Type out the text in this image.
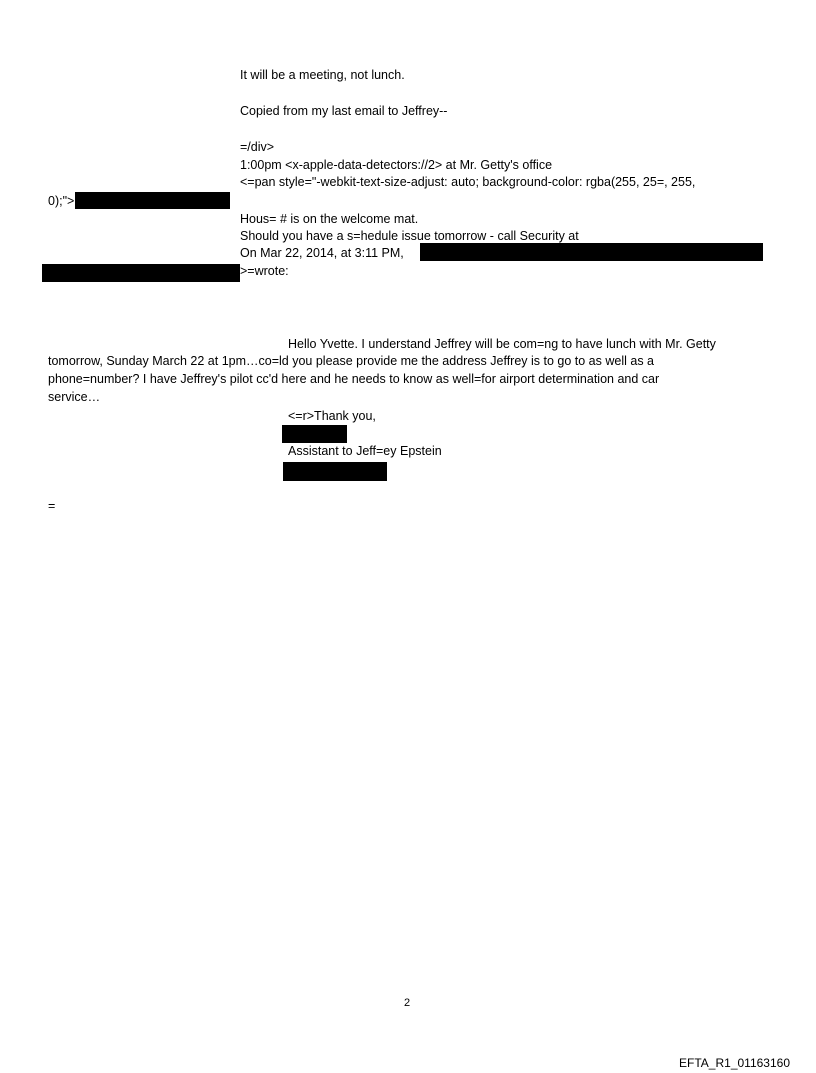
It will be a meeting, not lunch.

Copied from my last email to Jeffrey--

=/div>

1:00pm <x-apple-data-detectors://2> at Mr. Getty's office

<=pan style="-webkit-text-size-adjust: auto; background-color: rgba(255, 25=, 255,

0);">

Hous= # is on the welcome mat.

Should you have a s=hedule issue tomorrow - call Security at

On Mar 22, 2014, at 3:11 PM,

>=wrote:

Hello Yvette. I understand Jeffrey will be com=ng to have lunch with Mr. Getty

tomorrow, Sunday March 22 at 1pm…co=ld you please provide me the address Jeffrey is to go to as well as a

phone=number? I have Jeffrey's pilot cc'd here and he needs to know as well=for airport determination and car

service…

<=r>Thank you,

Assistant to Jeff=ey Epstein

=

2
EFTA_R1_01163160
